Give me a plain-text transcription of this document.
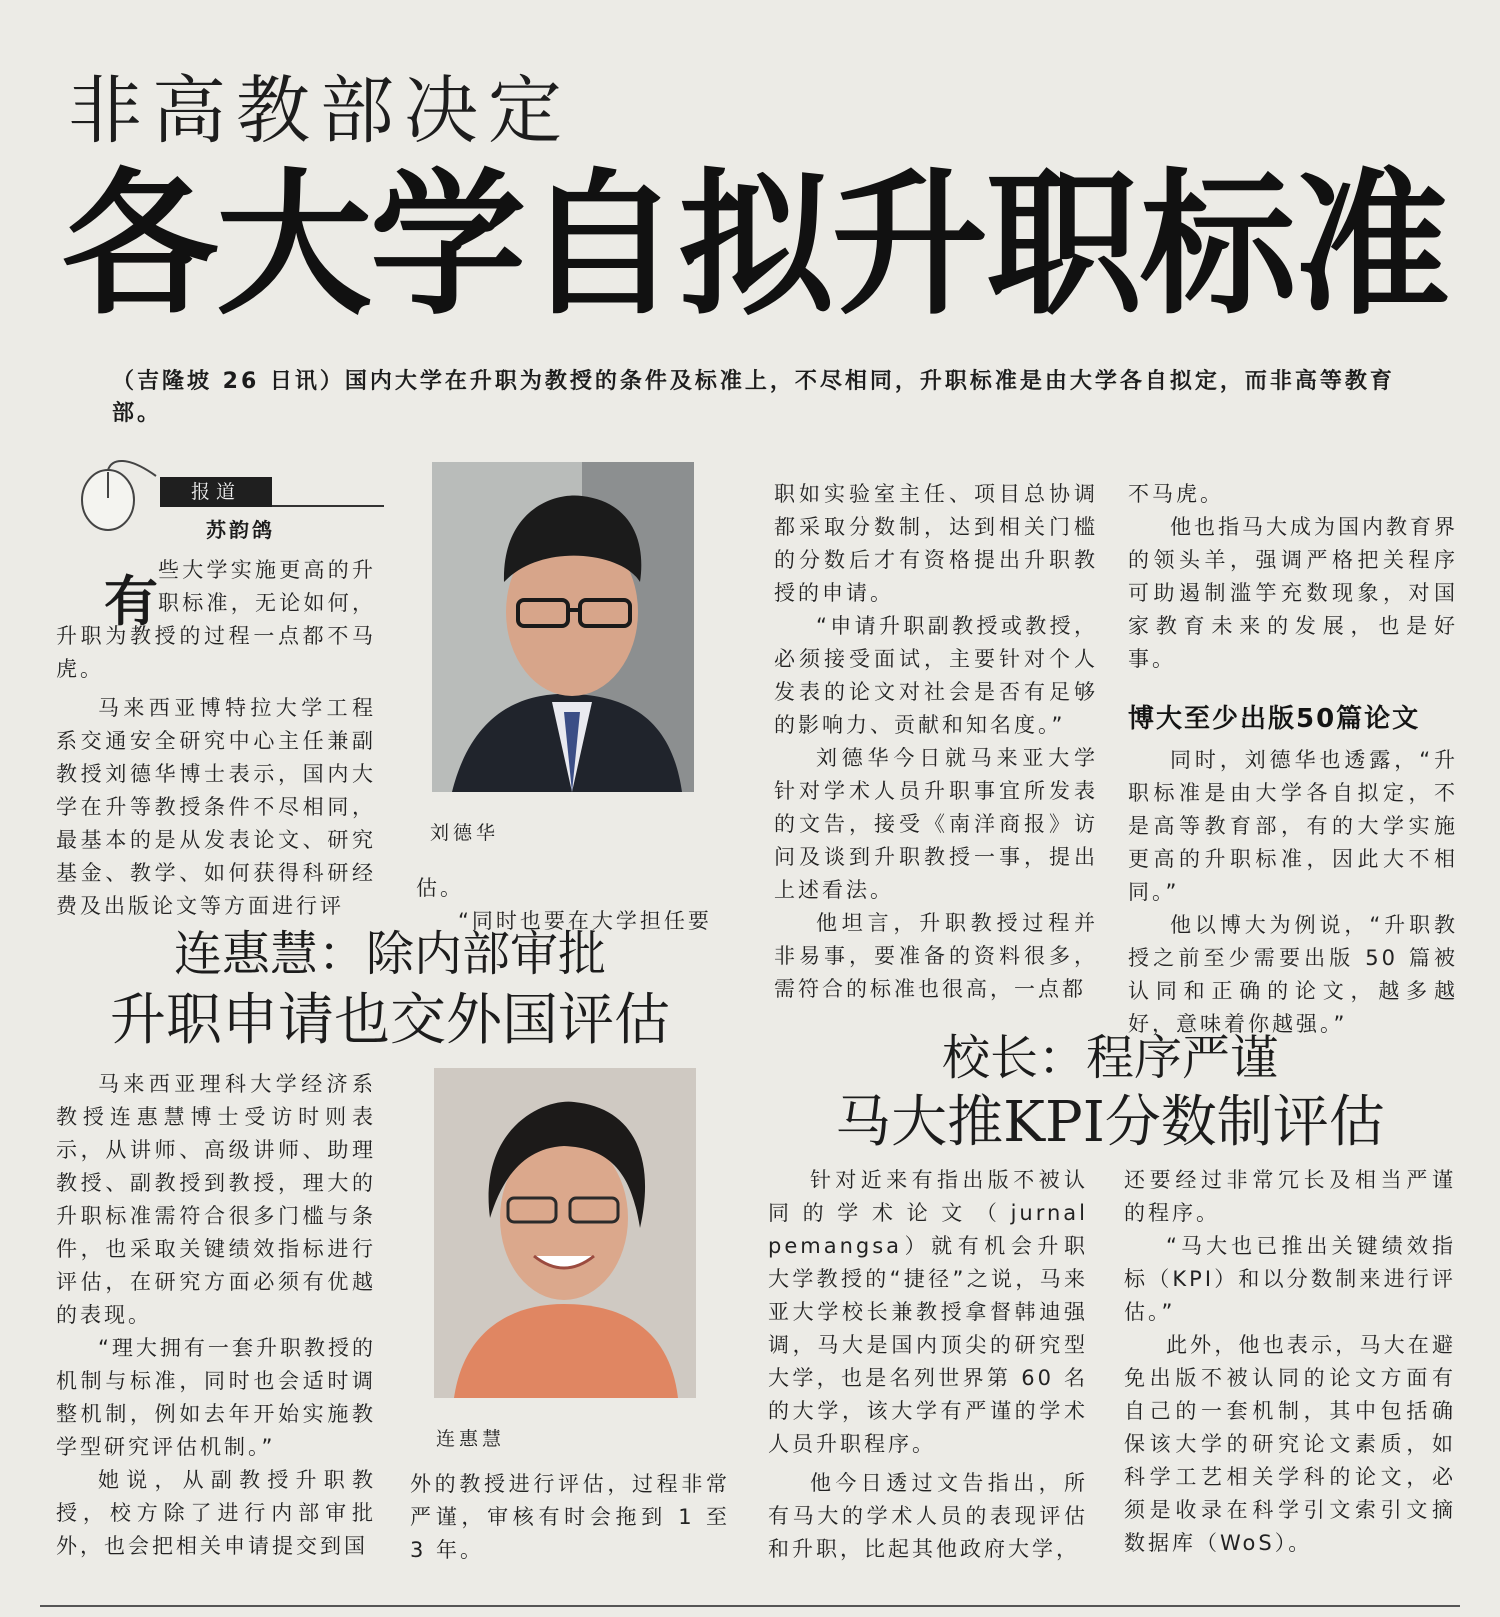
非高教部决定
各大学自拟升职标准
（吉隆坡 26 日讯）国内大学在升职为教授的条件及标准上，不尽相同，升职标准是由大学各自拟定，而非高等教育部。
报道
苏韵鸽
有 些大学实施更高的升职标准，无论如何，

升职为教授的过程一点都不马虎。

马来西亚博特拉大学工程系交通安全研究中心主任兼副教授刘德华博士表示，国内大学在升等教授条件不尽相同，最基本的是从发表论文、研究基金、教学、如何获得科研经费及出版论文等方面进行评

刘德华

估。

“同时也要在大学担任要

职如实验室主任、项目总协调都采取分数制，达到相关门槛的分数后才有资格提出升职教授的申请。

“申请升职副教授或教授，必须接受面试，主要针对个人发表的论文对社会是否有足够的影响力、贡献和知名度。”

刘德华今日就马来亚大学针对学术人员升职事宜所发表的文告，接受《南洋商报》访问及谈到升职教授一事，提出上述看法。

他坦言，升职教授过程并非易事，要准备的资料很多，需符合的标准也很高，一点都

不马虎。

他也指马大成为国内教育界的领头羊，强调严格把关程序可助遏制滥竽充数现象，对国家教育未来的发展，也是好事。

博大至少出版50篇论文

同时，刘德华也透露，“升职标准是由大学各自拟定，不是高等教育部，有的大学实施更高的升职标准，因此大不相同。”

他以博大为例说，“升职教授之前至少需要出版 50 篇被认同和正确的论文，越多越好，意味着你越强。”

连惠慧：除内部审批
升职申请也交外国评估

马来西亚理科大学经济系教授连惠慧博士受访时则表示，从讲师、高级讲师、助理教授、副教授到教授，理大的升职标准需符合很多门槛与条件，也采取关键绩效指标进行评估，在研究方面必须有优越的表现。

“理大拥有一套升职教授的机制与标准，同时也会适时调整机制，例如去年开始实施教学型研究评估机制。”

她说，从副教授升职教授，校方除了进行内部审批外，也会把相关申请提交到国

连惠慧

外的教授进行评估，过程非常严谨，审核有时会拖到 1 至 3 年。

校长：程序严谨
马大推KPI分数制评估

针对近来有指出版不被认同的学术论文（jurnal pemangsa）就有机会升职大学教授的“捷径”之说，马来亚大学校长兼教授拿督韩迪强调，马大是国内顶尖的研究型大学，也是名列世界第 60 名的大学，该大学有严谨的学术人员升职程序。

他今日透过文告指出，所有马大的学术人员的表现评估和升职，比起其他政府大学，

还要经过非常冗长及相当严谨的程序。

“马大也已推出关键绩效指标（KPI）和以分数制来进行评估。”

此外，他也表示，马大在避免出版不被认同的论文方面有自己的一套机制，其中包括确保该大学的研究论文素质，如科学工艺相关学科的论文，必须是收录在科学引文索引文摘数据库（WoS）。
